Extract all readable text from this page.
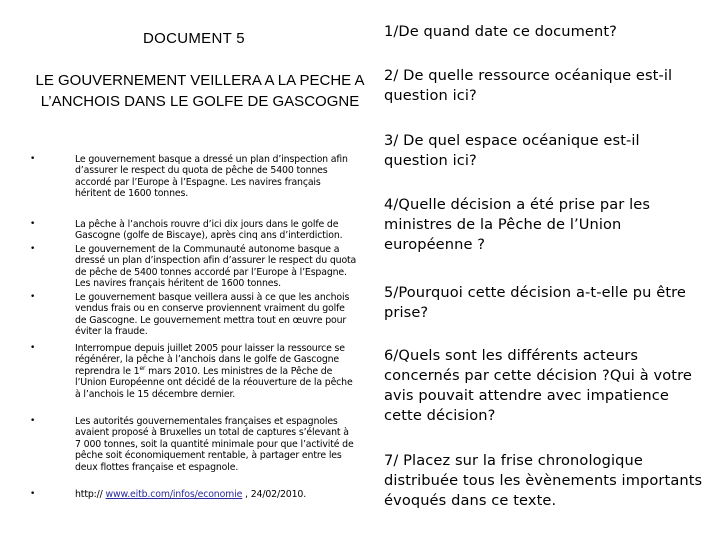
DOCUMENT 5
LE GOUVERNEMENT VEILLERA A LA PECHE A L’ANCHOIS DANS LE GOLFE DE GASCOGNE
•	Le gouvernement basque a dressé un plan d’inspection afin d’assurer le respect du quota de pêche de 5400 tonnes accordé par l’Europe à l’Espagne. Les navires français héritent de 1600 tonnes.
•	La pêche à l’anchois rouvre d’ici dix jours dans le golfe de Gascogne (golfe de Biscaye), après cinq ans d’interdiction.
•	Le gouvernement de la Communauté autonome basque a dressé un plan d’inspection afin d’assurer le respect du quota de pêche de 5400 tonnes accordé par l’Europe à l’Espagne. Les navires français héritent de 1600 tonnes.
•	Le gouvernement basque veillera aussi à ce que les anchois vendus frais ou en conserve proviennent vraiment du golfe de Gascogne. Le gouvernement mettra tout en œuvre pour éviter la fraude.
•	Interrompue depuis juillet 2005 pour laisser la ressource se régénérer, la pêche à l’anchois dans le golfe de Gascogne reprendra le 1er mars 2010. Les ministres de la Pêche de l’Union Européenne ont décidé de la réouverture de la pêche à l’anchois le 15 décembre dernier.
•	Les autorités gouvernementales françaises et espagnoles avaient proposé à Bruxelles un total de captures s’élevant à 7 000 tonnes, soit la quantité minimale pour que l’activité de pêche soit économiquement rentable, à partager entre les deux flottes française et espagnole.
•	http:// www.eitb.com/infos/economie , 24/02/2010.
1/De quand date ce document?
2/ De quelle ressource océanique est-il question ici?
3/ De quel espace océanique est-il question ici?
4/Quelle décision a été prise par les ministres de la Pêche de l’Union européenne ?
5/Pourquoi cette décision a-t-elle pu être prise?
6/Quels sont les différents acteurs concernés par cette décision ?Qui à votre avis pouvait attendre avec impatience cette décision?
7/ Placez sur la frise chronologique distribuée tous les èvènements importants évoqués dans ce texte.
